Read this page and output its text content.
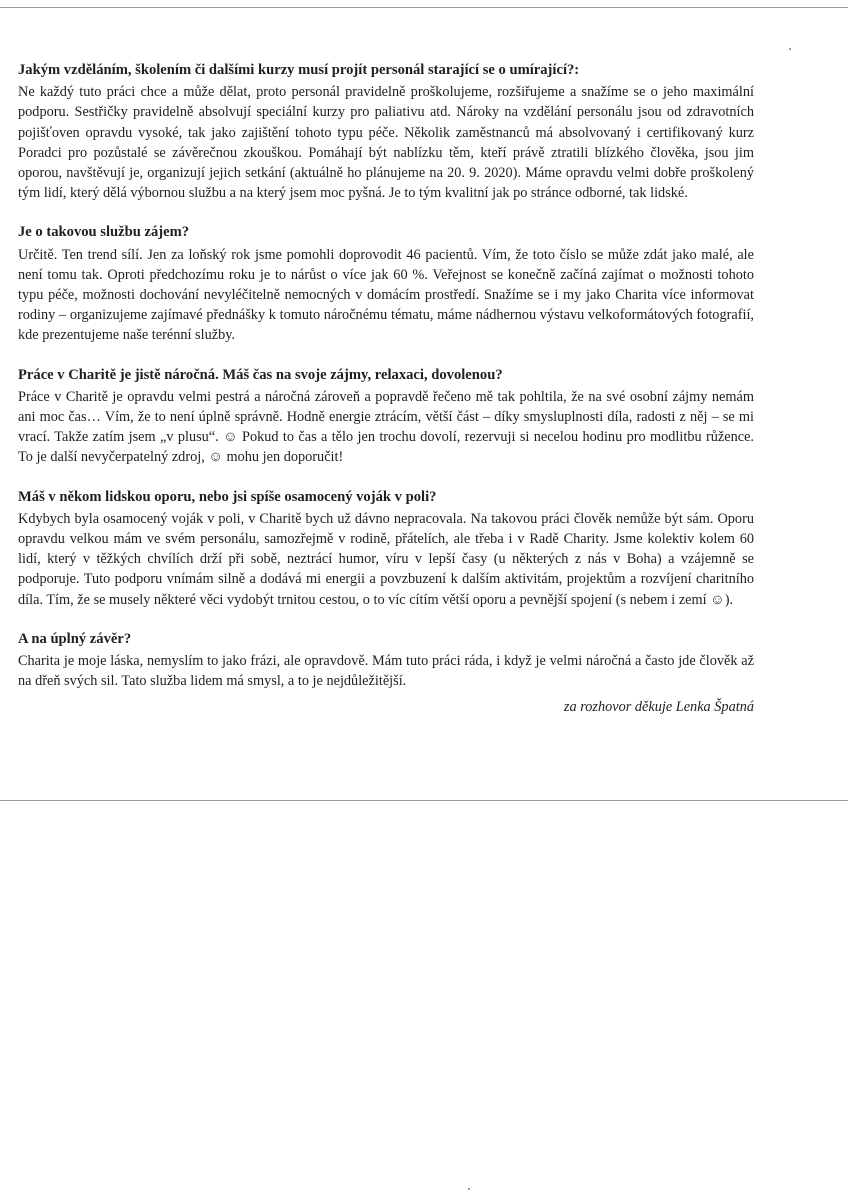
Jakým vzděláním, školením či dalšími kurzy musí projít personál starající se o umírající?:

Ne každý tuto práci chce a může dělat, proto personál pravidelně proškolujeme, rozšiřujeme a snažíme se o jeho maximální podporu. Sestřičky pravidelně absolvují speciální kurzy pro paliativu atd. Nároky na vzdělání personálu jsou od zdravotních pojišťoven opravdu vysoké, tak jako zajištění tohoto typu péče. Několik zaměstnanců má absolvovaný i certifikovaný kurz Poradci pro pozůstalé se závěrečnou zkouškou. Pomáhají být nablízku těm, kteří právě ztratili blízkého člověka, jsou jim oporou, navštěvují je, organizují jejich setkání (aktuálně ho plánujeme na 20. 9. 2020). Máme opravdu velmi dobře proškolený tým lidí, který dělá výbornou službu a na který jsem moc pyšná. Je to tým kvalitní jak po stránce odborné, tak lidské.

Je o takovou službu zájem?

Určitě. Ten trend sílí. Jen za loňský rok jsme pomohli doprovodit 46 pacientů. Vím, že toto číslo se může zdát jako malé, ale není tomu tak. Oproti předchozímu roku je to nárůst o více jak 60 %. Veřejnost se konečně začíná zajímat o možnosti tohoto typu péče, možnosti dochování nevyléčitelně nemocných v domácím prostředí. Snažíme se i my jako Charita více informovat rodiny – organizujeme zajímavé přednášky k tomuto náročnému tématu, máme nádhernou výstavu velkoformátových fotografií, kde prezentujeme naše terénní služby.

Práce v Charitě je jistě náročná. Máš čas na svoje zájmy, relaxaci, dovolenou?

Práce v Charitě je opravdu velmi pestrá a náročná zároveň a popravdě řečeno mě tak pohltila, že na své osobní zájmy nemám ani moc čas… Vím, že to není úplně správně. Hodně energie ztrácím, větší část – díky smysluplnosti díla, radosti z něj – se mi vrací. Takže zatím jsem „v plusu“. ☺ Pokud to čas a tělo jen trochu dovolí, rezervuji si necelou hodinu pro modlitbu růžence. To je další nevyčerpatelný zdroj, ☺ mohu jen doporučit!

Máš v někom lidskou oporu, nebo jsi spíše osamocený voják v poli?

Kdybych byla osamocený voják v poli, v Charitě bych už dávno nepracovala. Na takovou práci člověk nemůže být sám. Oporu opravdu velkou mám ve svém personálu, samozřejmě v rodině, přátelích, ale třeba i v Radě Charity. Jsme kolektiv kolem 60 lidí, který v těžkých chvílích drží při sobě, neztrácí humor, víru v lepší časy (u některých z nás v Boha) a vzájemně se podporuje. Tuto podporu vnímám silně a dodává mi energii a povzbuzení k dalším aktivitám, projektům a rozvíjení charitního díla. Tím, že se musely některé věci vydobýt trnitou cestou, o to víc cítím větší oporu a pevnější spojení (s nebem i zemí ☺).

A na úplný závěr?

Charita je moje láska, nemyslím to jako frázi, ale opravdově. Mám tuto práci ráda, i když je velmi náročná a často jde člověk až na dřeň svých sil. Tato služba lidem má smysl, a to je nejdůležitější.

za rozhovor děkuje Lenka Špatná
